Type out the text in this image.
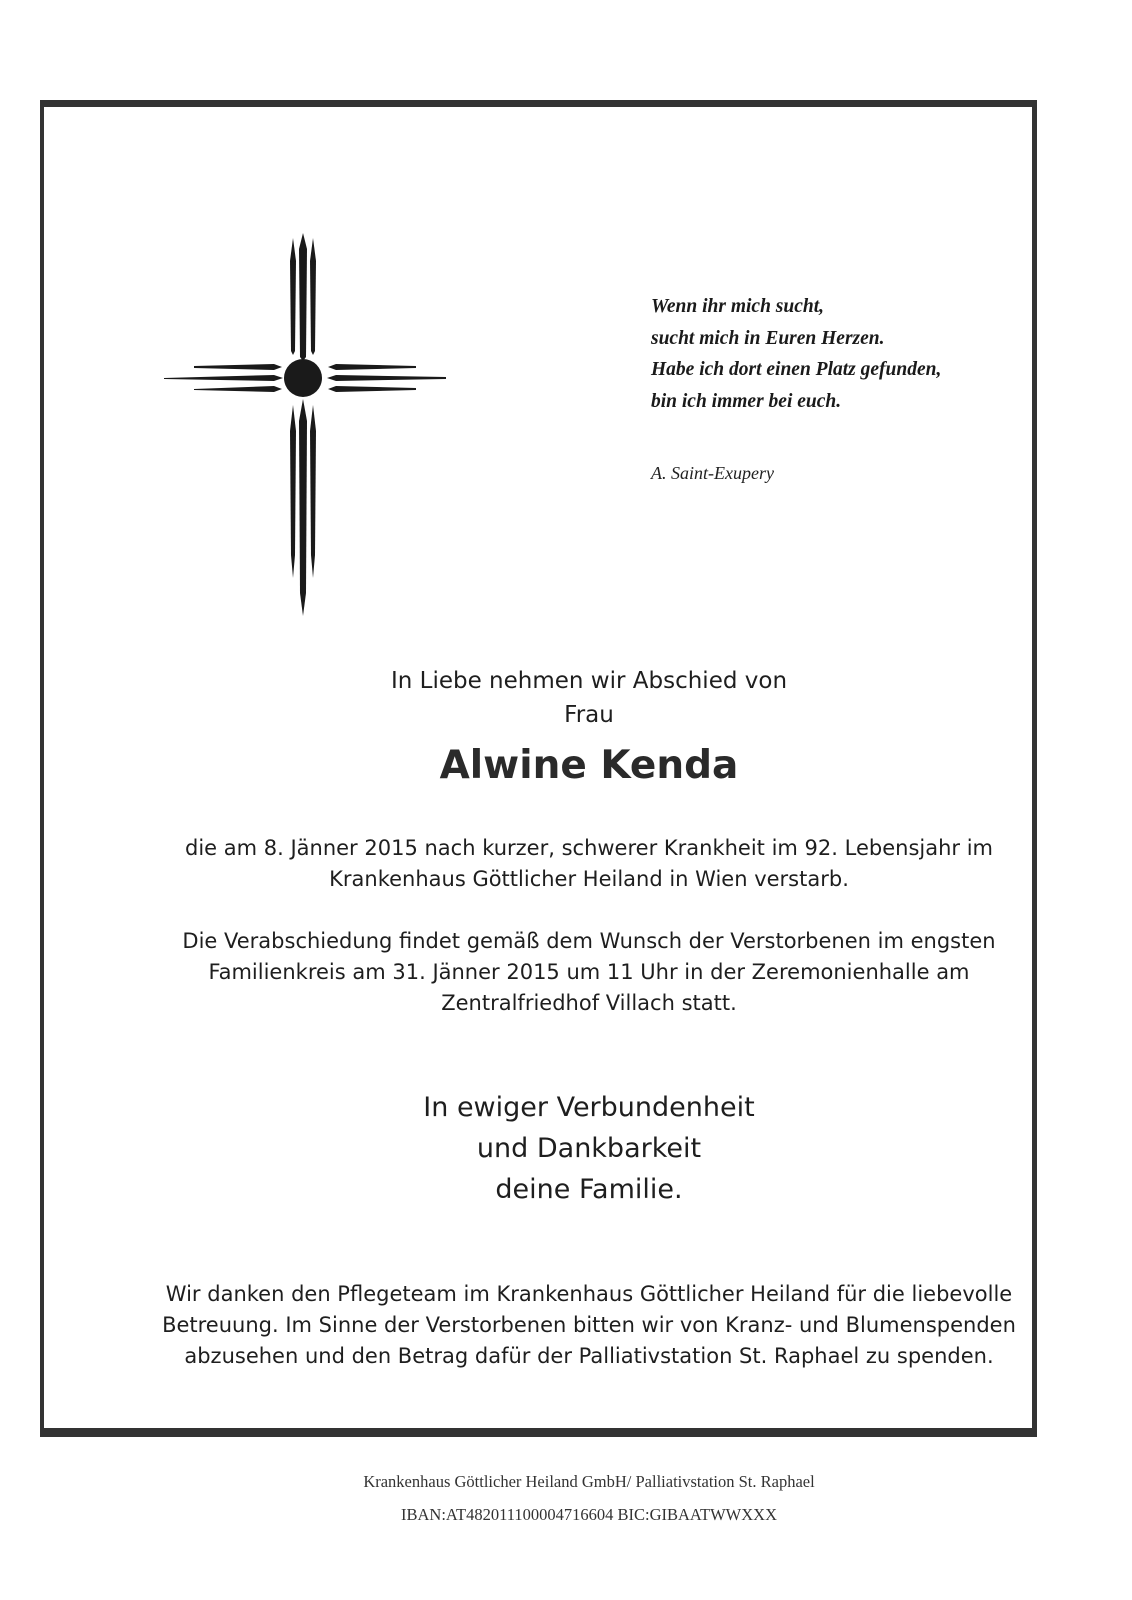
Wenn ihr mich sucht,
sucht mich in Euren Herzen.
Habe ich dort einen Platz gefunden,
bin ich immer bei euch.
A. Saint-Exupery
In Liebe nehmen wir Abschied von
Frau
Alwine Kenda
die am 8. Jänner 2015 nach kurzer, schwerer Krankheit im 92. Lebensjahr im
Krankenhaus Göttlicher Heiland in Wien verstarb.
Die Verabschiedung findet gemäß dem Wunsch der Verstorbenen im engsten
Familienkreis am 31. Jänner 2015 um 11 Uhr in der Zeremonienhalle am
Zentralfriedhof Villach statt.
In ewiger Verbundenheit
und Dankbarkeit
deine Familie.
Wir danken den Pflegeteam im Krankenhaus Göttlicher Heiland für die liebevolle
Betreuung. Im Sinne der Verstorbenen bitten wir von Kranz- und Blumenspenden
abzusehen und den Betrag dafür der Palliativstation St. Raphael zu spenden.
Krankenhaus Göttlicher Heiland GmbH/ Palliativstation St. Raphael
IBAN:AT482011100004716604 BIC:GIBAATWWXXX
